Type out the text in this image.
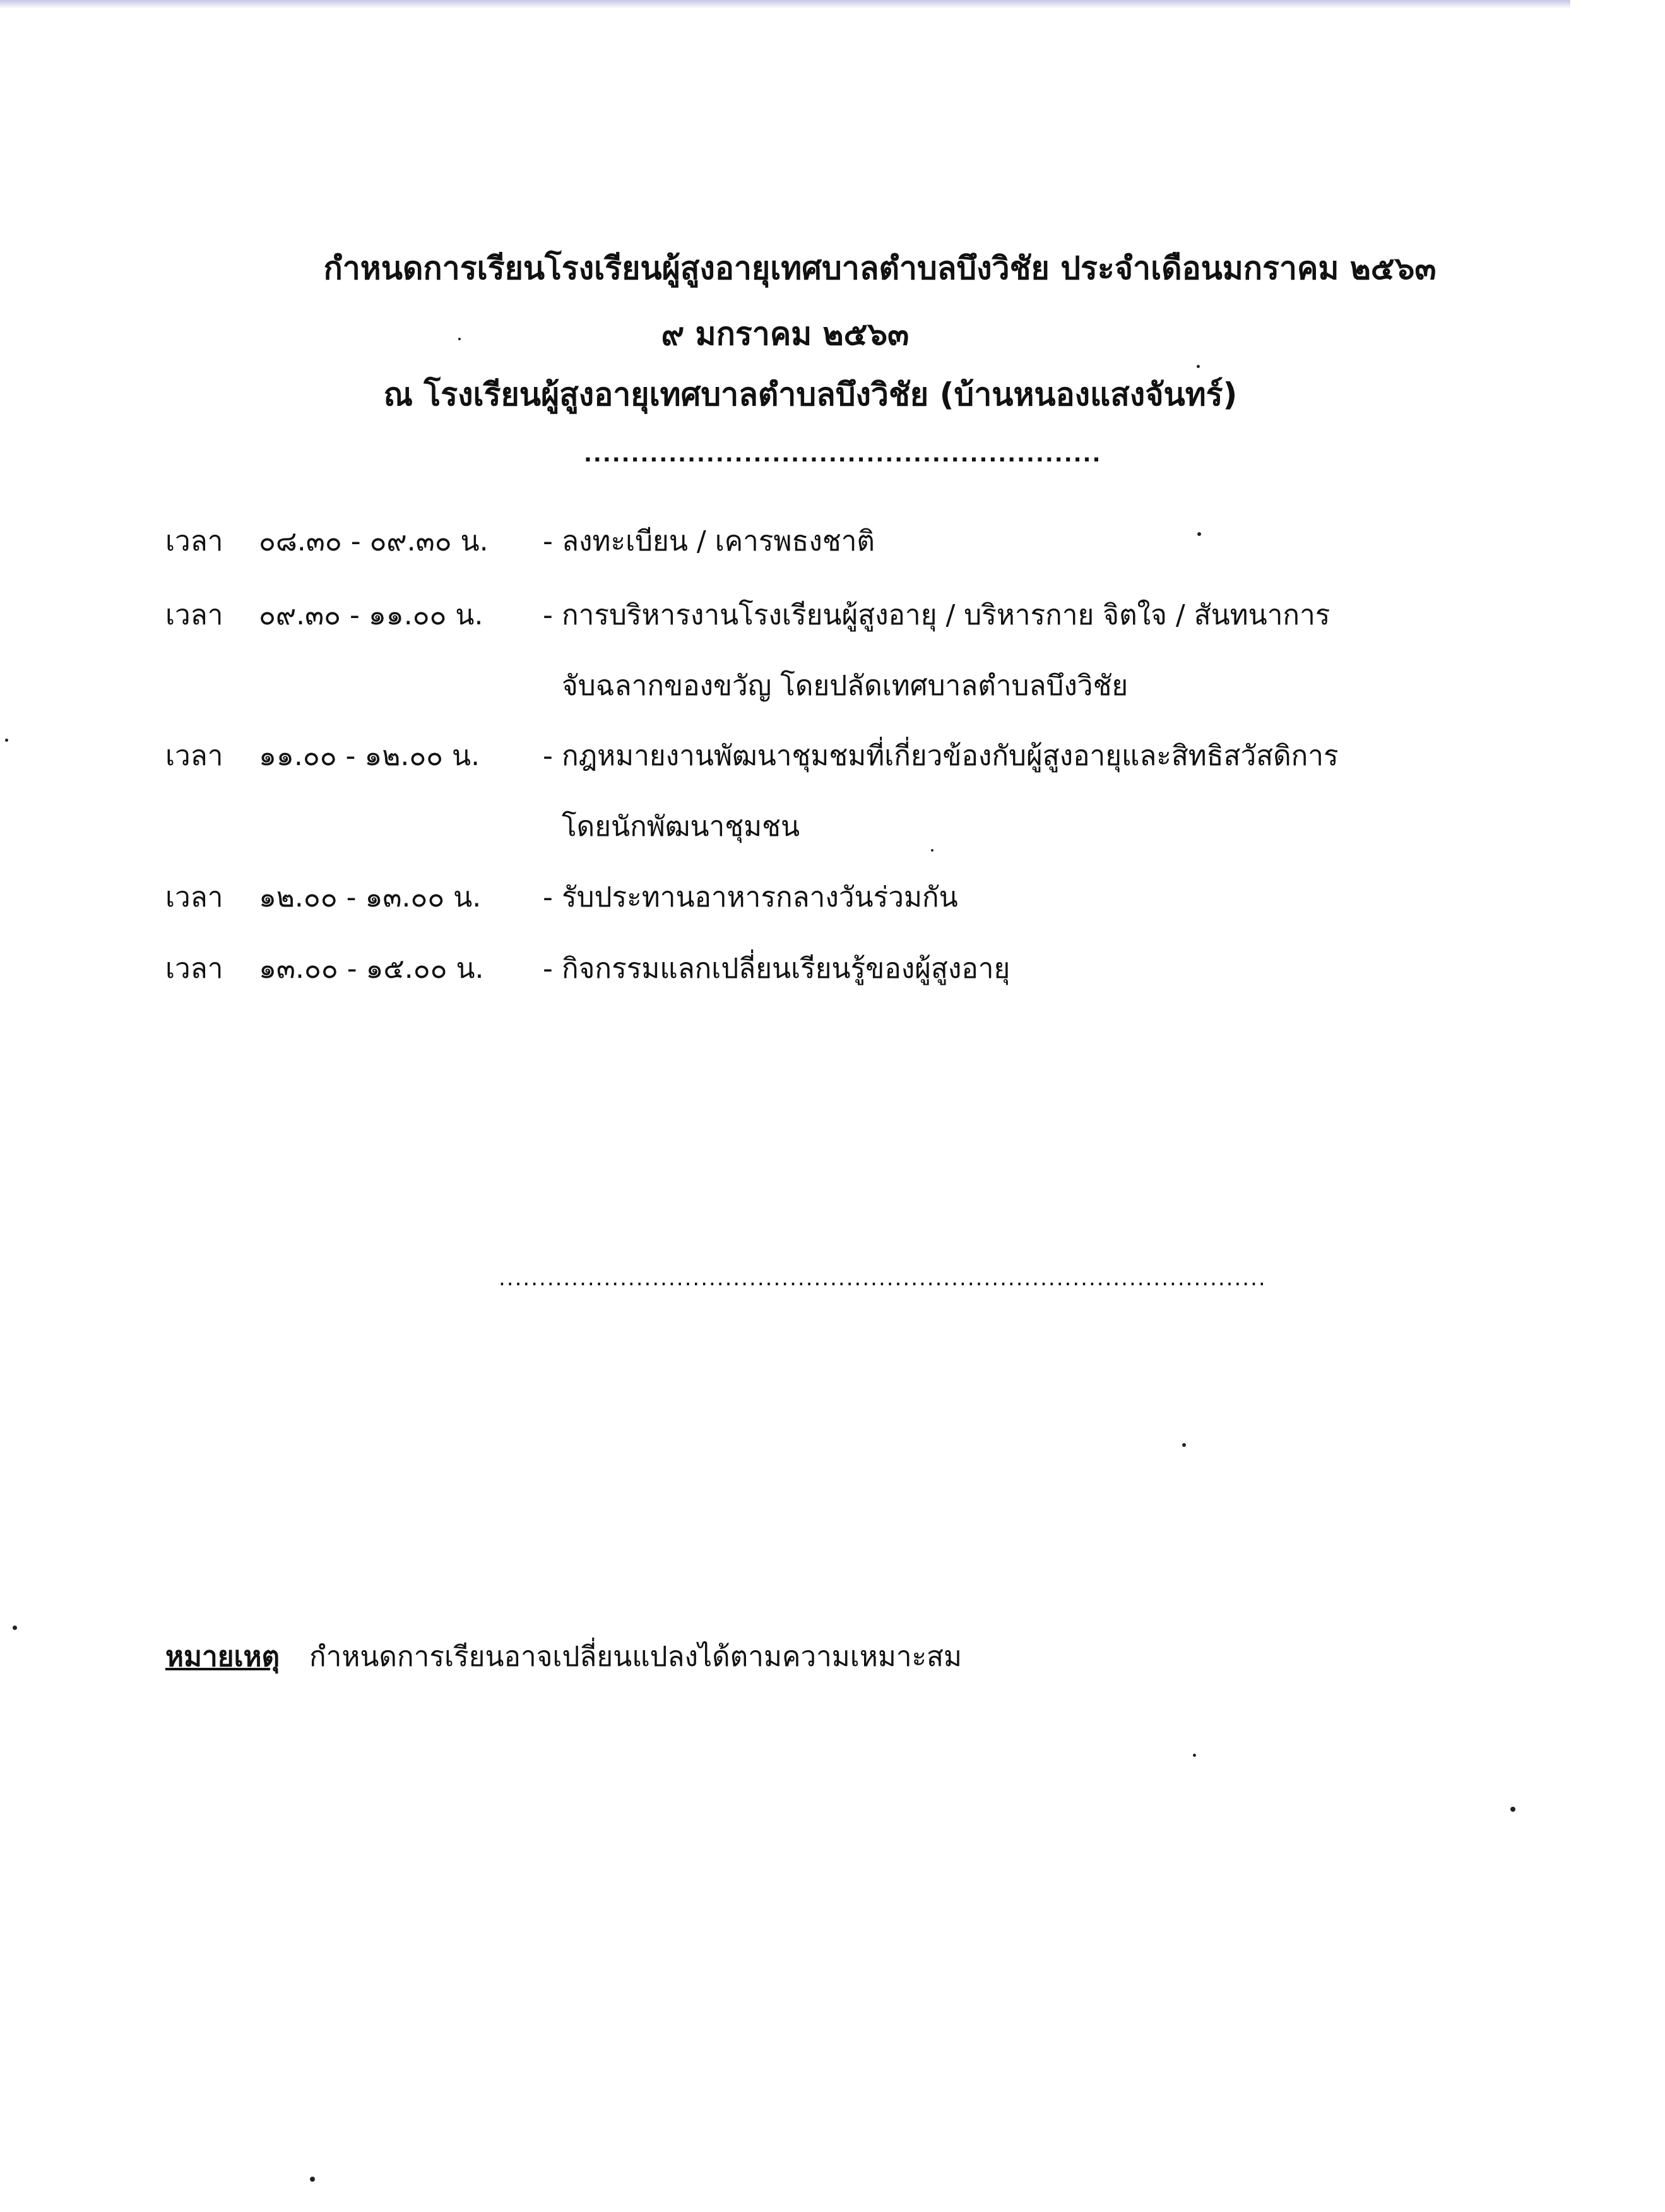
กำหนดการเรียนโรงเรียนผู้สูงอายุเทศบาลตำบลบึงวิชัย ประจำเดือนมกราคม ๒๕๖๓
๙ มกราคม ๒๕๖๓
ณ โรงเรียนผู้สูงอายุเทศบาลตำบลบึงวิชัย (บ้านหนองแสงจันทร์)
.......................................................
เวลา ๐๘.๓๐ - ๐๙.๓๐ น. - ลงทะเบียน / เคารพธงชาติ
เวลา ๐๙.๓๐ - ๑๑.๐๐ น. - การบริหารงานโรงเรียนผู้สูงอายุ / บริหารกาย จิตใจ / สันทนาการ
จับฉลากของขวัญ โดยปลัดเทศบาลตำบลบึงวิชัย
เวลา ๑๑.๐๐ - ๑๒.๐๐ น. - กฎหมายงานพัฒนาชุมชมที่เกี่ยวข้องกับผู้สูงอายุและสิทธิสวัสดิการ
โดยนักพัฒนาชุมชน
เวลา ๑๒.๐๐ - ๑๓.๐๐ น. - รับประทานอาหารกลางวันร่วมกัน
เวลา ๑๓.๐๐ - ๑๕.๐๐ น. - กิจกรรมแลกเปลี่ยนเรียนรู้ของผู้สูงอายุ
...............................................................................................
หมายเหตุ กำหนดการเรียนอาจเปลี่ยนแปลงได้ตามความเหมาะสม
